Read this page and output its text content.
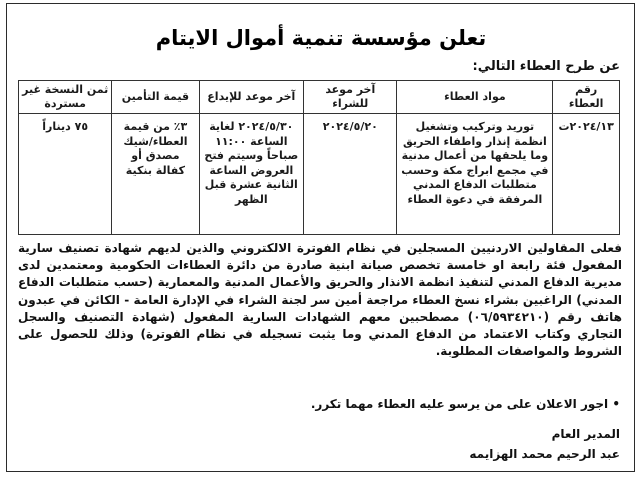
تعلن مؤسسة تنمية أموال الايتام
عن طرح العطاء التالي:
رقم العطاء	مواد العطاء	آخر موعد للشراء	آخر موعد للإيداع	قيمة التأمين	ثمن النسخة غير مستردة
٢٠٢٤/١٣ت	توريد وتركيب وتشغيل انظمة إنذار واطفاء الحريق وما يلحقها من أعمال مدنية في مجمع ابراج مكة وحسب متطلبات الدفاع المدني المرفقة في دعوة العطاء	٢٠٢٤/٥/٢٠	٢٠٢٤/٥/٣٠ لغاية الساعة ١١:٠٠ صباحاً وسيتم فتح العروض الساعة الثانية عشرة قبل الظهر	٣٪ من قيمة العطاء/شيك مصدق أو كفالة بنكية	٧٥ ديناراً
فعلى المقاولين الاردنيين المسجلين في نظام الفوترة الالكتروني والذين لديهم شهادة تصنيف سارية المفعول فئة رابعة او خامسة تخصص صيانة ابنية صادرة من دائرة العطاءات الحكومية ومعتمدين لدى مديرية الدفاع المدني لتنفيذ انظمة الانذار والحريق والأعمال المدنية والمعمارية (حسب متطلبات الدفاع المدني) الراغبين بشراء نسخ العطاء مراجعة أمين سر لجنة الشراء في الإدارة العامة - الكائن في عبدون هاتف رقم (٠٦/٥٩٣٤٢١٠) مصطحبين معهم الشهادات السارية المفعول (شهادة التصنيف والسجل التجاري وكتاب الاعتماد من الدفاع المدني وما يثبت تسجيله في نظام الفوترة) وذلك للحصول على الشروط والمواصفات المطلوبة.
• اجور الاعلان على من يرسو عليه العطاء مهما تكرر.
المدير العام
عبد الرحيم محمد الهزايمه
